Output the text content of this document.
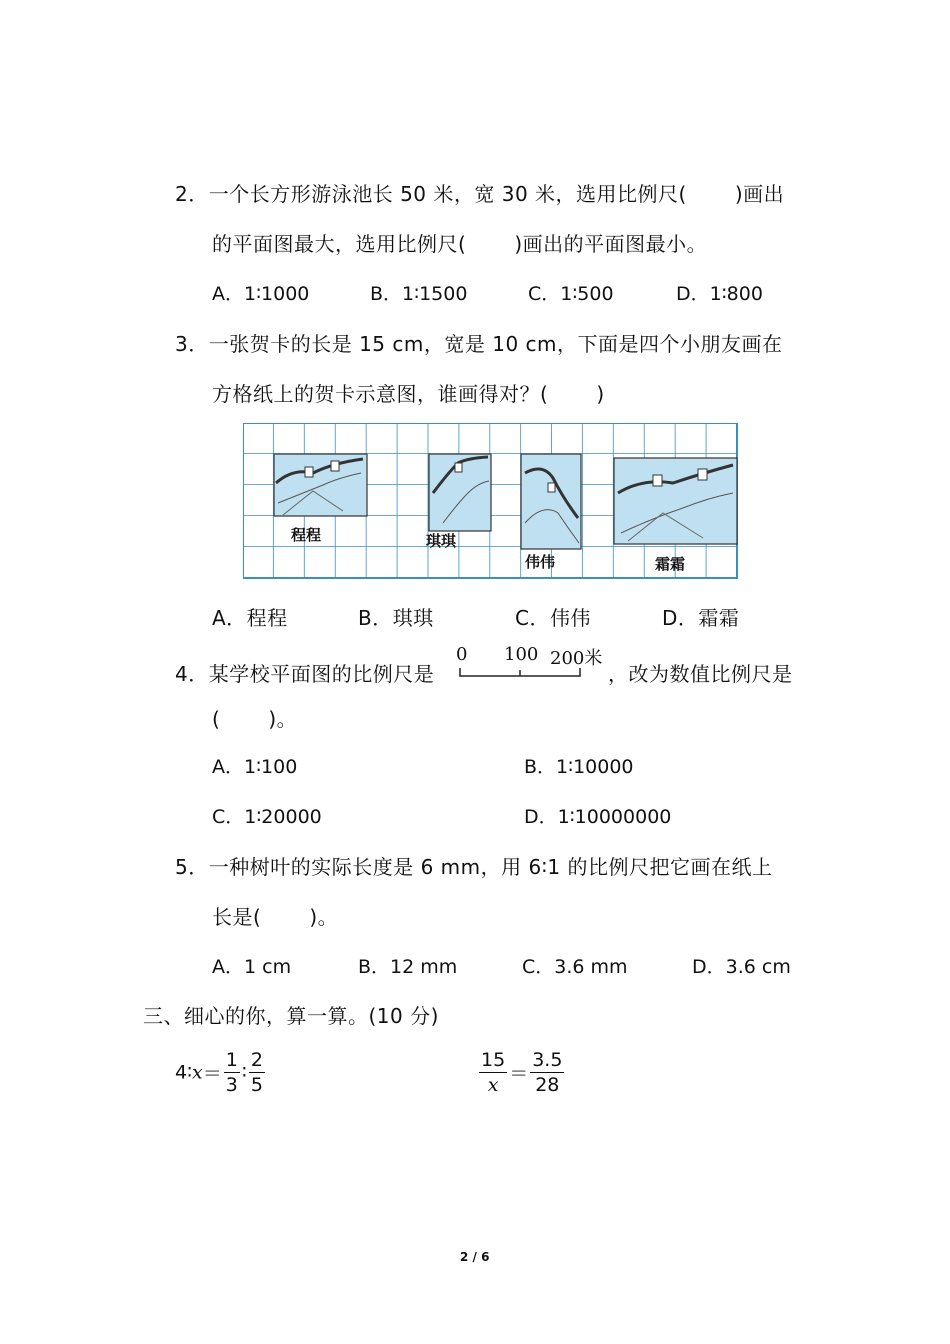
2．一个长方形游泳池长 50 米，宽 30 米，选用比例尺( )画出
的平面图最大，选用比例尺( )画出的平面图最小。
A．1∶1000	B．1∶1500	C．1∶500	D．1∶800
3．一张贺卡的长是 15 cm，宽是 10 cm，下面是四个小朋友画在
方格纸上的贺卡示意图，谁画得对？( )
程程	琪琪
伟伟	霜霜
A．程程	B．琪琪	C．伟伟	D．霜霜
4．某学校平面图的比例尺是
0 100 200米
，改为数值比例尺是
( )。
A．1∶100	B．1∶10000
C．1∶20000	D．1∶10000000
5．一种树叶的实际长度是 6 mm，用 6∶1 的比例尺把它画在纸上
长是( )。
A．1 cm	B．12 mm	C．3.6 mm	D．3.6 cm
三、细心的你，算一算。(10 分)
4∶x＝ $\frac{1}{3}$ ∶ $\frac{2}{5}$	$\frac{15}{x} = \frac{3.5}{28}$
2 / 6
